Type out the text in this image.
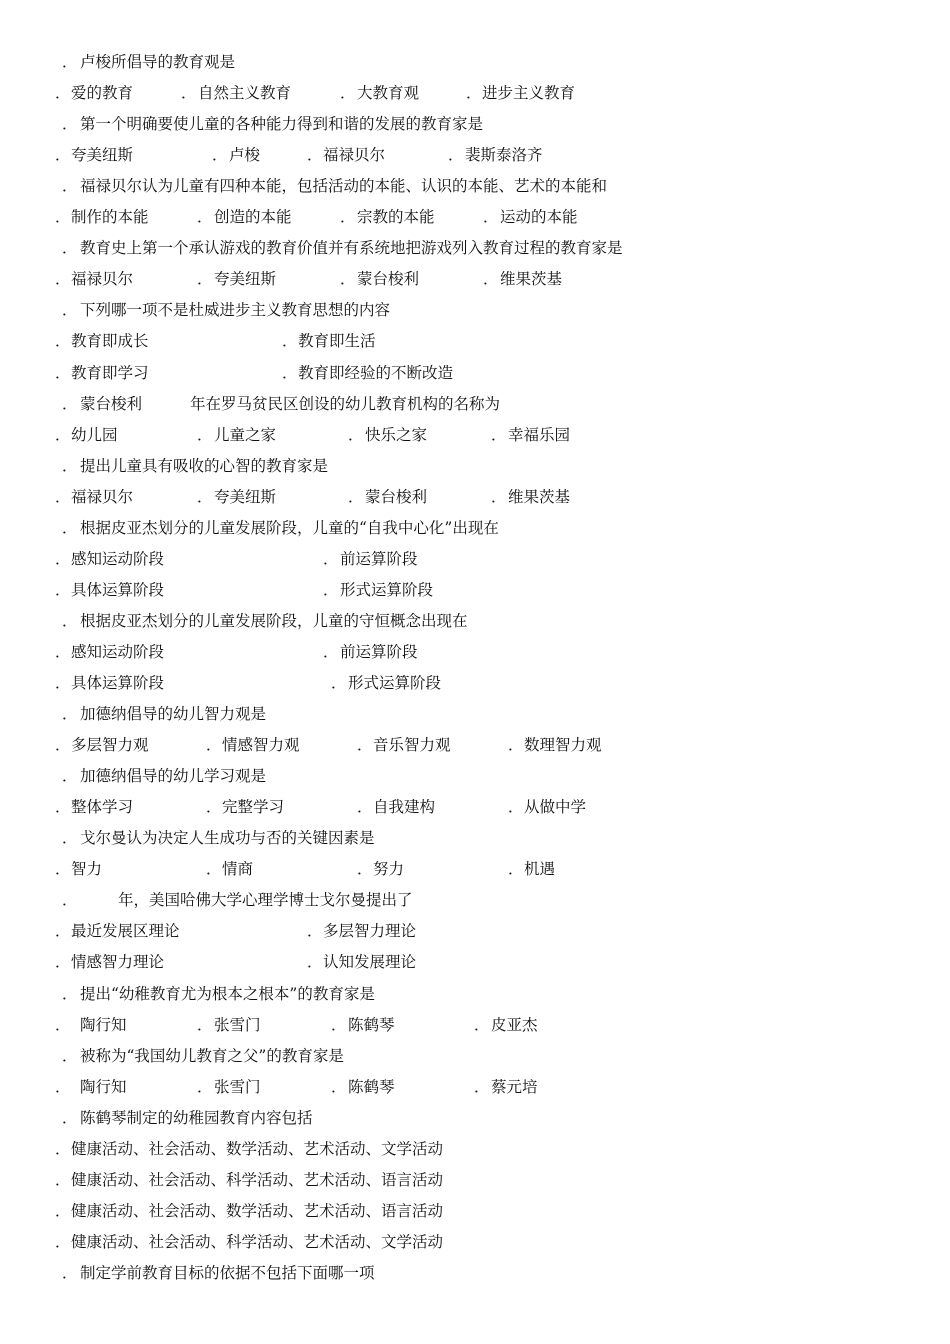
． 卢梭所倡导的教育观是
． 爱的教育	． 自然主义教育	． 大教育观	． 进步主义教育
． 第一个明确要使儿童的各种能力得到和谐的发展的教育家是
． 夸美纽斯	． 卢梭	． 福禄贝尔	． 裴斯泰洛齐
． 福禄贝尔认为儿童有四种本能，包括活动的本能、认识的本能、艺术的本能和
． 制作的本能	． 创造的本能	． 宗教的本能	． 运动的本能
． 教育史上第一个承认游戏的教育价值并有系统地把游戏列入教育过程的教育家是
． 福禄贝尔	． 夸美纽斯	． 蒙台梭利	． 维果茨基
． 下列哪一项不是杜威进步主义教育思想的内容
． 教育即成长	． 教育即生活
． 教育即学习	． 教育即经验的不断改造
． 蒙台梭利	年在罗马贫民区创设的幼儿教育机构的名称为
． 幼儿园	． 儿童之家	． 快乐之家	． 幸福乐园
． 提出儿童具有吸收的心智的教育家是
． 福禄贝尔	． 夸美纽斯	． 蒙台梭利	． 维果茨基
． 根据皮亚杰划分的儿童发展阶段，儿童的“自我中心化”出现在
． 感知运动阶段	． 前运算阶段
． 具体运算阶段	． 形式运算阶段
． 根据皮亚杰划分的儿童发展阶段，儿童的守恒概念出现在
． 感知运动阶段	． 前运算阶段
． 具体运算阶段	． 形式运算阶段
． 加德纳倡导的幼儿智力观是
． 多层智力观	． 情感智力观	． 音乐智力观	． 数理智力观
． 加德纳倡导的幼儿学习观是
． 整体学习	． 完整学习	． 自我建构	． 从做中学
． 戈尔曼认为决定人生成功与否的关键因素是
． 智力	． 情商	． 努力	． 机遇
．	年，美国哈佛大学心理学博士戈尔曼提出了
． 最近发展区理论	． 多层智力理论
． 情感智力理论	． 认知发展理论
． 提出“幼稚教育尤为根本之根本”的教育家是
． 陶行知	． 张雪门	． 陈鹤琴	． 皮亚杰
． 被称为“我国幼儿教育之父”的教育家是
． 陶行知	． 张雪门	． 陈鹤琴	． 蔡元培
． 陈鹤琴制定的幼稚园教育内容包括
． 健康活动、社会活动、数学活动、艺术活动、文学活动
． 健康活动、社会活动、科学活动、艺术活动、语言活动
． 健康活动、社会活动、数学活动、艺术活动、语言活动
． 健康活动、社会活动、科学活动、艺术活动、文学活动
． 制定学前教育目标的依据不包括下面哪一项
